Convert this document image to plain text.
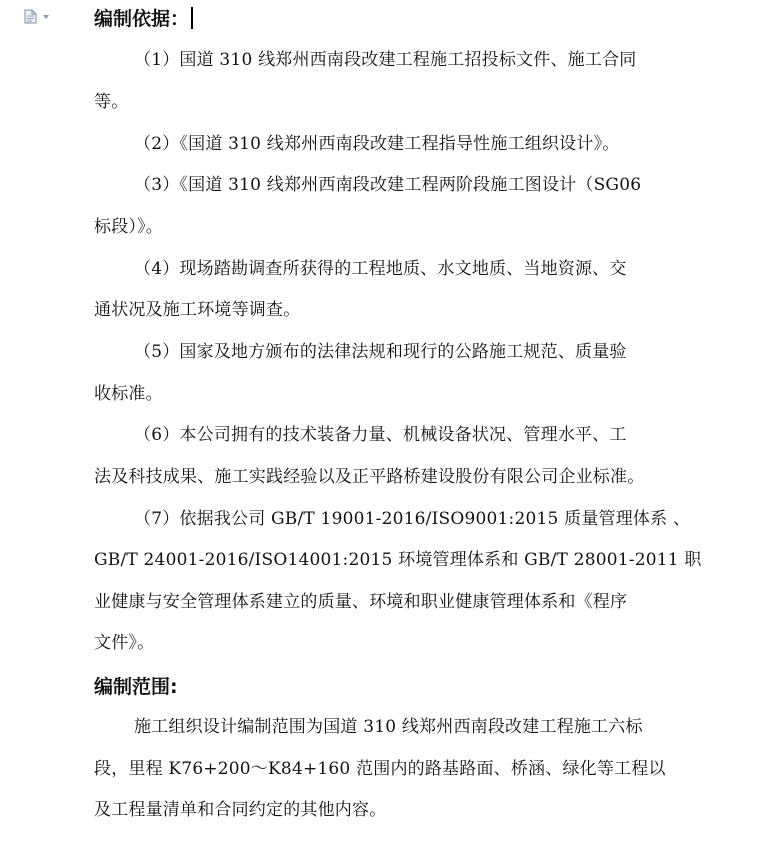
编制依据：
（1）国道 310 线郑州西南段改建工程施工招投标文件、施工合同
等。
（2）《国道 310 线郑州西南段改建工程指导性施工组织设计》。
（3）《国道 310 线郑州西南段改建工程两阶段施工图设计（SG06
标段）》。
（4）现场踏勘调查所获得的工程地质、水文地质、当地资源、交
通状况及施工环境等调查。
（5）国家及地方颁布的法律法规和现行的公路施工规范、质量验
收标准。
（6）本公司拥有的技术装备力量、机械设备状况、管理水平、工
法及科技成果、施工实践经验以及正平路桥建设股份有限公司企业标准。
（7）依据我公司 GB/T 19001-2016/ISO9001:2015 质量管理体系 、
GB/T 24001-2016/ISO14001:2015 环境管理体系和 GB/T 28001-2011 职
业健康与安全管理体系建立的质量、环境和职业健康管理体系和《程序
文件》。
编制范围:
施工组织设计编制范围为国道 310 线郑州西南段改建工程施工六标
段，里程 K76+200～K84+160 范围内的路基路面、桥涵、绿化等工程以
及工程量清单和合同约定的其他内容。
